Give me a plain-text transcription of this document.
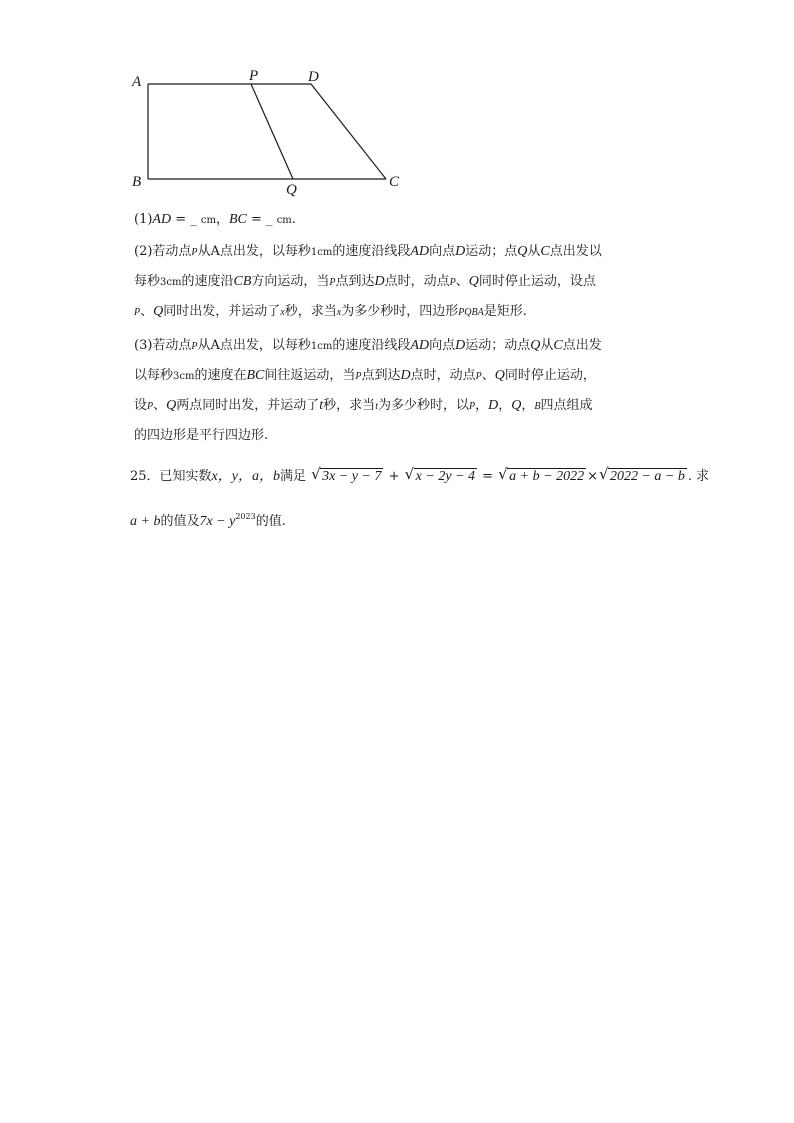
A	P	D
B	Q	C
(1)AD = _ cm，BC = _ cm.
(2)若动点P从A点出发，以每秒1cm的速度沿线段AD向点D运动；点Q从C点出发以
每秒3cm的速度沿CB方向运动，当P点到达D点时，动点P、Q同时停止运动，设点
P、Q同时出发，并运动了x秒，求当x为多少秒时，四边形PQBA是矩形.
(3)若动点P从A点出发，以每秒1cm的速度沿线段AD向点D运动；动点Q从C点出发
以每秒3cm的速度在BC间往返运动，当P点到达D点时，动点P、Q同时停止运动，
设P、Q两点同时出发，并运动了t秒，求当t为多少秒时，以P，D，Q，B四点组成
的四边形是平行四边形.
25．已知实数x，y，a，b满足 √ 3x − y − 7 + √ x − 2y − 4 = √ a + b − 2022 × √ 2022 − a − b . 求
a + b的值及$7x - y^{2023}$的值.
